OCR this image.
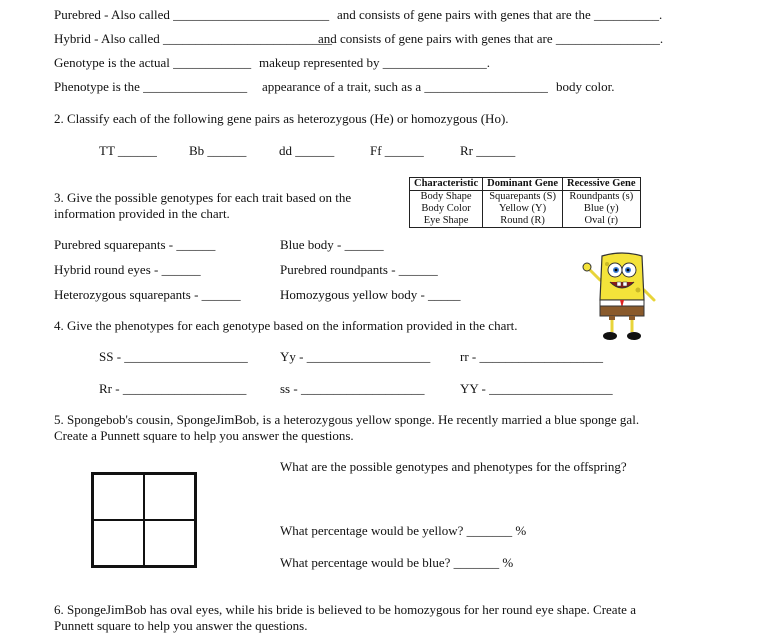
Purebred - Also called ________________________ and consists of gene pairs with genes that are the __________.
Hybrid - Also called __________________________
and consists of gene pairs with genes that are ________________.
Genotype is the actual ____________ makeup represented by ________________.
Phenotype is the ________________ appearance of a trait, such as a ___________________ body color.
2. Classify each of the following gene pairs as heterozygous (He) or homozygous (Ho).
TT ______ Bb ______	dd ______	Ff ______	Rr ______
3. Give the possible genotypes for each trait based on the
information provided in the chart.
Characteristic	Dominant Gene	Recessive Gene
Body Shape	Squarepants (S)	Roundpants (s)
Body Color	Yellow (Y)	Blue (y)
Eye Shape	Round (R)	Oval (r)
Purebred squarepants - ______	Blue body - ______
Hybrid round eyes - ______	Purebred roundpants - ______
Heterozygous squarepants - ______	Homozygous yellow body - _____
4. Give the phenotypes for each genotype based on the information provided in the chart.
SS - ___________________ Yy - ___________________ rr - ___________________
Rr - ___________________	ss - ___________________	YY - ___________________
5. Spongebob's cousin, SpongeJimBob, is a heterozygous yellow sponge. He recently married a blue sponge gal.
Create a Punnett square to help you answer the questions.
What are the possible genotypes and phenotypes for the offspring?
What percentage would be yellow? _______ %
What percentage would be blue? _______ %
6. SpongeJimBob has oval eyes, while his bride is believed to be homozygous for her round eye shape. Create a
Punnett square to help you answer the questions.
